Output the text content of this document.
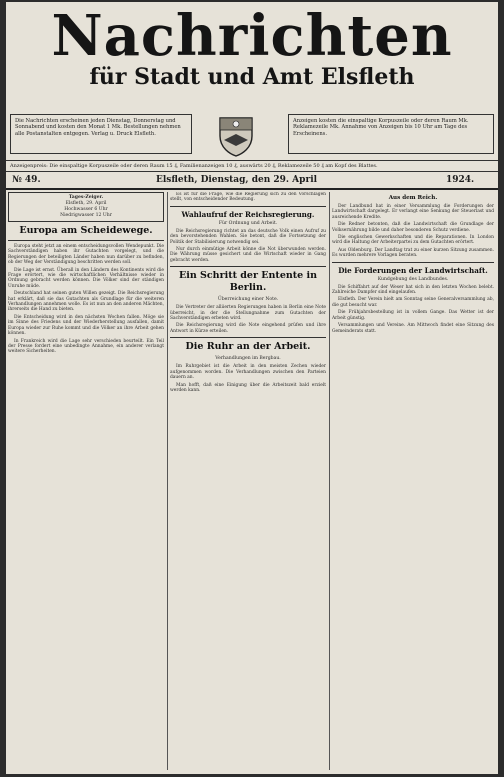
Nachrichten
für Stadt und Amt Elsfleth
Die Nachrichten erscheinen jeden Dienstag, Donnerstag und Sonnabend und kosten den Monat 1 Mk. Bestellungen nehmen alle Postanstalten entgegen. Verlag u. Druck Elsfleth.
Anzeigen kosten die einspaltige Korpuszeile oder deren Raum Mk. Reklamezeile Mk. Annahme von Anzeigen bis 10 Uhr am Tage des Erscheinens.
Anzeigenpreis: Die einspaltige Korpuszeile oder deren Raum 15 ₰, Familienanzeigen 10 ₰, auswärts 20 ₰, Reklamezeile 50 ₰ am Kopf des Blattes.
№ 49.	Elsfleth, Dienstag, den 29. April	1924.
Tages-Zeiger.
Elsfleth, 29. April
Hochwasser 6 Uhr
Niedrigwasser 12 Uhr
Europa am Scheidewege.

Europa steht jetzt an einem entscheidungsvollen Wendepunkt. Die Sachverständigen haben ihr Gutachten vorgelegt, und die Regierungen der beteiligten Länder haben nun darüber zu befinden, ob der Weg der Verständigung beschritten werden soll.

Die Lage ist ernst. Überall in den Ländern des Kontinents wird die Frage erörtert, wie die wirtschaftlichen Verhältnisse wieder in Ordnung gebracht werden können. Die Völker sind der ständigen Unruhe müde.

Deutschland hat seinen guten Willen gezeigt. Die Reichsregierung hat erklärt, daß sie das Gutachten als Grundlage für die weiteren Verhandlungen annehmen wolle. Es ist nun an den anderen Mächten, ihrerseits die Hand zu bieten.

Die Entscheidung wird in den nächsten Wochen fallen. Möge sie im Sinne des Friedens und der Wiederherstellung ausfallen, damit Europa wieder zur Ruhe kommt und die Völker an ihre Arbeit gehen können.

In Frankreich wird die Lage sehr verschieden beurteilt. Ein Teil der Presse fordert eine unbedingte Annahme, ein anderer verlangt weitere Sicherheiten.

Es ist für die Frage, wie die Regierung sich zu den Vorschlägen stellt, von entscheidender Bedeutung.

Wahlaufruf der Reichsregierung.
Für Ordnung und Arbeit.

Die Reichsregierung richtet an das deutsche Volk einen Aufruf zu den bevorstehenden Wahlen. Sie betont, daß die Fortsetzung der Politik der Stabilisierung notwendig sei.

Nur durch einmütige Arbeit könne die Not überwunden werden. Die Währung müsse gesichert und die Wirtschaft wieder in Gang gebracht werden.

Ein Schritt der Entente in Berlin.
Überreichung einer Note.

Die Vertreter der alliierten Regierungen haben in Berlin eine Note überreicht, in der die Stellungnahme zum Gutachten der Sachverständigen erbeten wird.

Die Reichsregierung wird die Note eingehend prüfen und ihre Antwort in Kürze erteilen.

Die Ruhr an der Arbeit.
Verhandlungen im Bergbau.

Im Ruhrgebiet ist die Arbeit in den meisten Zechen wieder aufgenommen worden. Die Verhandlungen zwischen den Parteien dauern an.

Man hofft, daß eine Einigung über die Arbeitszeit bald erzielt werden kann.

Aus dem Reich.

Der Landbund hat in einer Versammlung die Forderungen der Landwirtschaft dargelegt. Er verlangt eine Senkung der Steuerlast und ausreichende Kredite.

Die Redner betonten, daß die Landwirtschaft die Grundlage der Volksernährung bilde und daher besonderen Schutz verdiene.

Die englischen Gewerkschaften und die Reparationen. In London wird die Haltung der Arbeiterpartei zu dem Gutachten erörtert.

Aus Oldenburg. Der Landtag trat zu einer kurzen Sitzung zusammen. Es wurden mehrere Vorlagen beraten.

Die Forderungen der Landwirtschaft.
Kundgebung des Landbundes.

Die Schiffahrt auf der Weser hat sich in den letzten Wochen belebt. Zahlreiche Dampfer sind eingelaufen.

Elsfleth. Der Verein hielt am Sonntag seine Generalversammlung ab, die gut besucht war.

Die Frühjahrsbestellung ist in vollem Gange. Das Wetter ist der Arbeit günstig.

Versammlungen und Vereine. Am Mittwoch findet eine Sitzung des Gemeinderats statt.
